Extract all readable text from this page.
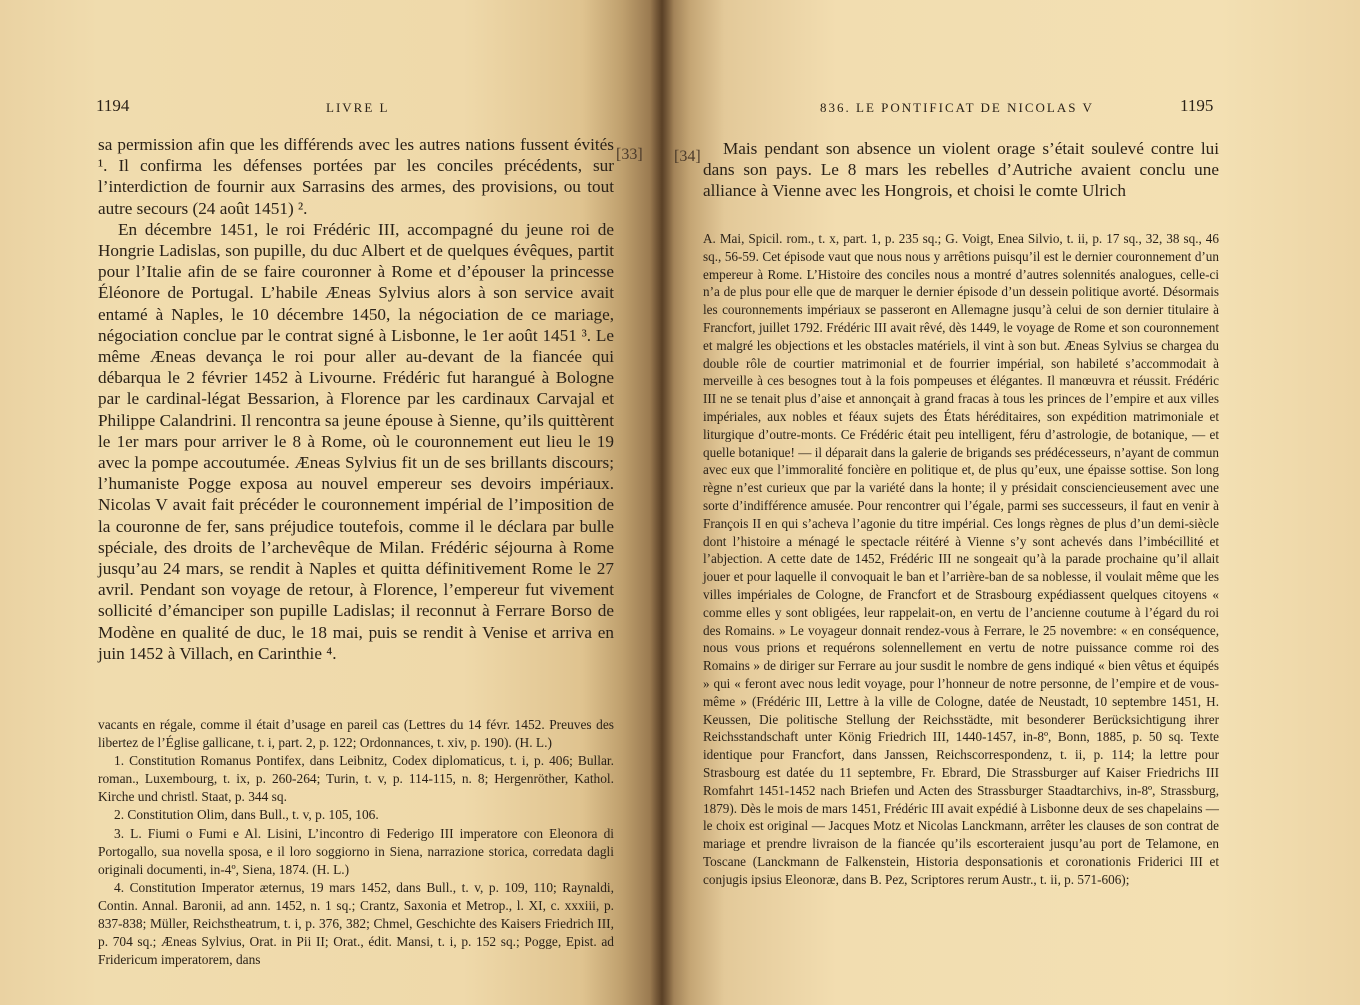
1194	LIVRE L
[33]

sa permission afin que les différends avec les autres nations fussent évités ¹. Il confirma les défenses portées par les conciles précédents, sur l’interdiction de fournir aux Sarrasins des armes, des provisions, ou tout autre secours (24 août 1451) ².

En décembre 1451, le roi Frédéric III, accompagné du jeune roi de Hongrie Ladislas, son pupille, du duc Albert et de quelques évêques, partit pour l’Italie afin de se faire couronner à Rome et d’épouser la princesse Éléonore de Portugal. L’habile Æneas Sylvius alors à son service avait entamé à Naples, le 10 décembre 1450, la négociation de ce mariage, négociation conclue par le contrat signé à Lisbonne, le 1er août 1451 ³. Le même Æneas devança le roi pour aller au-devant de la fiancée qui débarqua le 2 février 1452 à Livourne. Frédéric fut harangué à Bologne par le cardinal-légat Bessarion, à Florence par les cardinaux Carvajal et Philippe Calandrini. Il rencontra sa jeune épouse à Sienne, qu’ils quittèrent le 1er mars pour arriver le 8 à Rome, où le couronnement eut lieu le 19 avec la pompe accoutumée. Æneas Sylvius fit un de ses brillants discours; l’humaniste Pogge exposa au nouvel empereur ses devoirs impériaux. Nicolas V avait fait précéder le couronnement impérial de l’imposition de la couronne de fer, sans préjudice toutefois, comme il le déclara par bulle spéciale, des droits de l’archevêque de Milan. Frédéric séjourna à Rome jusqu’au 24 mars, se rendit à Naples et quitta définitivement Rome le 27 avril. Pendant son voyage de retour, à Florence, l’empereur fut vivement sollicité d’émanciper son pupille Ladislas; il reconnut à Ferrare Borso de Modène en qualité de duc, le 18 mai, puis se rendit à Venise et arriva en juin 1452 à Villach, en Carinthie ⁴.

vacants en régale, comme il était d’usage en pareil cas (Lettres du 14 févr. 1452. Preuves des libertez de l’Église gallicane, t. i, part. 2, p. 122; Ordonnances, t. xiv, p. 190). (H. L.)

1. Constitution Romanus Pontifex, dans Leibnitz, Codex diplomaticus, t. i, p. 406; Bullar. roman., Luxembourg, t. ix, p. 260-264; Turin, t. v, p. 114-115, n. 8; Hergenröther, Kathol. Kirche und christl. Staat, p. 344 sq.

2. Constitution Olim, dans Bull., t. v, p. 105, 106.

3. L. Fiumi o Fumi e Al. Lisini, L’incontro di Federigo III imperatore con Eleonora di Portogallo, sua novella sposa, e il loro soggiorno in Siena, narrazione storica, corredata dagli originali documenti, in-4º, Siena, 1874. (H. L.)

4. Constitution Imperator æternus, 19 mars 1452, dans Bull., t. v, p. 109, 110; Raynaldi, Contin. Annal. Baronii, ad ann. 1452, n. 1 sq.; Crantz, Saxonia et Metrop., l. XI, c. xxxiii, p. 837-838; Müller, Reichstheatrum, t. i, p. 376, 382; Chmel, Geschichte des Kaisers Friedrich III, p. 704 sq.; Æneas Sylvius, Orat. in Pii II; Orat., édit. Mansi, t. i, p. 152 sq.; Pogge, Epist. ad Fridericum imperatorem, dans

836. LE PONTIFICAT DE NICOLAS V	1195
[34]	Mais pendant son absence un violent orage s’était soulevé contre lui dans son pays. Le 8 mars les rebelles d’Autriche avaient conclu une alliance à Vienne avec les Hongrois, et choisi le comte Ulrich

A. Mai, Spicil. rom., t. x, part. 1, p. 235 sq.; G. Voigt, Enea Silvio, t. ii, p. 17 sq., 32, 38 sq., 46 sq., 56-59. Cet épisode vaut que nous nous y arrêtions puisqu’il est le dernier couronnement d’un empereur à Rome. L’Histoire des conciles nous a montré d’autres solennités analogues, celle-ci n’a de plus pour elle que de marquer le dernier épisode d’un dessein politique avorté. Désormais les couronnements impériaux se passeront en Allemagne jusqu’à celui de son dernier titulaire à Francfort, juillet 1792. Frédéric III avait rêvé, dès 1449, le voyage de Rome et son couronnement et malgré les objections et les obstacles matériels, il vint à son but. Æneas Sylvius se chargea du double rôle de courtier matrimonial et de fourrier impérial, son habileté s’accommodait à merveille à ces besognes tout à la fois pompeuses et élégantes. Il manœuvra et réussit. Frédéric III ne se tenait plus d’aise et annonçait à grand fracas à tous les princes de l’empire et aux villes impériales, aux nobles et féaux sujets des États héréditaires, son expédition matrimoniale et liturgique d’outre-monts. Ce Frédéric était peu intelligent, féru d’astrologie, de botanique, — et quelle botanique! — il déparait dans la galerie de brigands ses prédécesseurs, n’ayant de commun avec eux que l’immoralité foncière en politique et, de plus qu’eux, une épaisse sottise. Son long règne n’est curieux que par la variété dans la honte; il y présidait consciencieusement avec une sorte d’indifférence amusée. Pour rencontrer qui l’égale, parmi ses successeurs, il faut en venir à François II en qui s’acheva l’agonie du titre impérial. Ces longs règnes de plus d’un demi-siècle dont l’histoire a ménagé le spectacle réitéré à Vienne s’y sont achevés dans l’imbécillité et l’abjection. A cette date de 1452, Frédéric III ne songeait qu’à la parade prochaine qu’il allait jouer et pour laquelle il convoquait le ban et l’arrière-ban de sa noblesse, il voulait même que les villes impériales de Cologne, de Francfort et de Strasbourg expédiassent quelques citoyens « comme elles y sont obligées, leur rappelait-on, en vertu de l’ancienne coutume à l’égard du roi des Romains. » Le voyageur donnait rendez-vous à Ferrare, le 25 novembre: « en conséquence, nous vous prions et requérons solennellement en vertu de notre puissance comme roi des Romains » de diriger sur Ferrare au jour susdit le nombre de gens indiqué « bien vêtus et équipés » qui « feront avec nous ledit voyage, pour l’honneur de notre personne, de l’empire et de vous-même » (Frédéric III, Lettre à la ville de Cologne, datée de Neustadt, 10 septembre 1451, H. Keussen, Die politische Stellung der Reichsstädte, mit besonderer Berücksichtigung ihrer Reichsstandschaft unter König Friedrich III, 1440-1457, in-8º, Bonn, 1885, p. 50 sq. Texte identique pour Francfort, dans Janssen, Reichscorrespondenz, t. ii, p. 114; la lettre pour Strasbourg est datée du 11 septembre, Fr. Ebrard, Die Strassburger auf Kaiser Friedrichs III Romfahrt 1451-1452 nach Briefen und Acten des Strassburger Staadtarchivs, in-8º, Strassburg, 1879). Dès le mois de mars 1451, Frédéric III avait expédié à Lisbonne deux de ses chapelains — le choix est original — Jacques Motz et Nicolas Lanckmann, arrêter les clauses de son contrat de mariage et prendre livraison de la fiancée qu’ils escorteraient jusqu’au port de Telamone, en Toscane (Lanckmann de Falkenstein, Historia desponsationis et coronationis Friderici III et conjugis ipsius Eleonoræ, dans B. Pez, Scriptores rerum Austr., t. ii, p. 571-606);
